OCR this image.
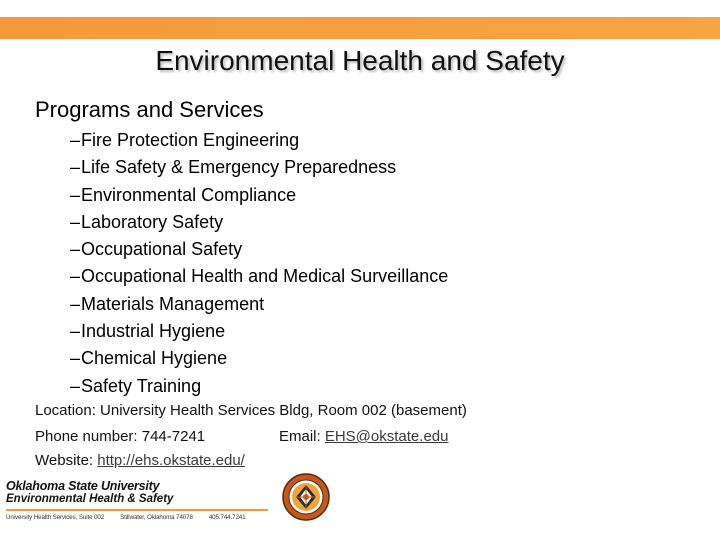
Environmental Health and Safety
Programs and Services
–Fire Protection Engineering
–Life Safety & Emergency Preparedness
–Environmental Compliance
–Laboratory Safety
–Occupational Safety
–Occupational Health and Medical Surveillance
–Materials Management
–Industrial Hygiene
–Chemical Hygiene
–Safety Training
Location: University Health Services Bldg, Room 002 (basement)
Phone number: 744-7241	Email: EHS@okstate.edu
Website: http://ehs.okstate.edu/
Oklahoma State University
Environmental Health & Safety
University Health Services, Suite 002	Stillwater, Oklahoma 74078	405.744.7241
